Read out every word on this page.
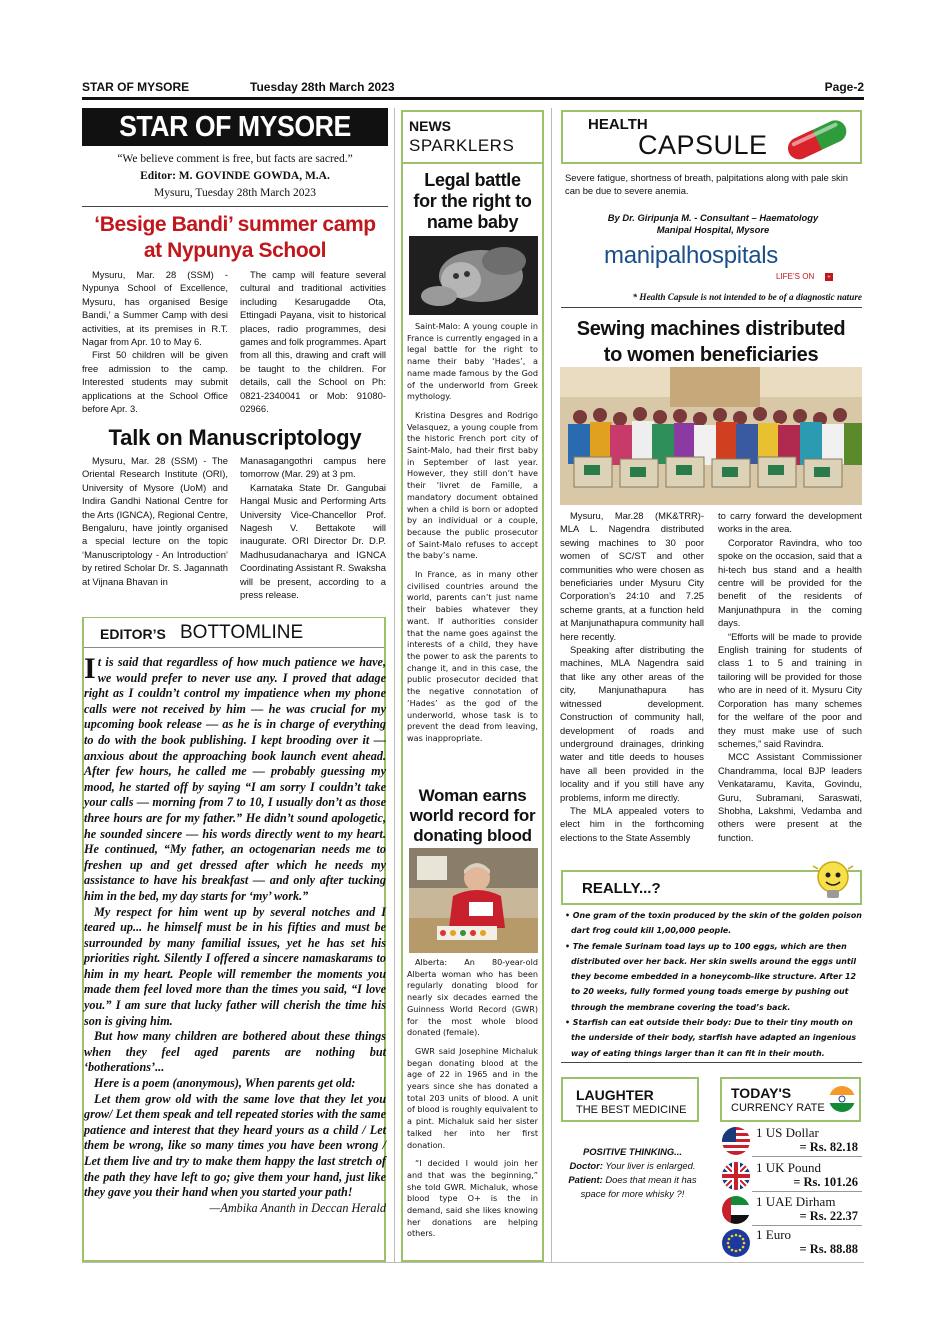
STAR OF MYSORE	Tuesday 28th March 2023	Page-2
STAR OF MYSORE
“We believe comment is free, but facts are sacred.”
Editor: M. GOVINDE GOWDA, M.A.
Mysuru, Tuesday 28th March 2023
‘Besige Bandi’ summer camp
at Nypunya School

Mysuru, Mar. 28 (SSM) - Nypunya School of Excellence, Mysuru, has organised Besige Bandi,’ a Summer Camp with desi activities, at its premises in R.T. Nagar from Apr. 10 to May 6.

First 50 children will be given free admission to the camp. Interested students may submit applications at the School Office before Apr. 3.

The camp will feature several cultural and traditional activities including Kesarugadde Ota, Ettingadi Payana, visit to historical places, radio programmes, desi games and folk programmes. Apart from all this, drawing and craft will be taught to the children. For details, call the School on Ph: 0821-2340041 or Mob: 91080-02966.

Talk on Manuscriptology

Mysuru, Mar. 28 (SSM) - The Oriental Research Institute (ORI), University of Mysore (UoM) and Indira Gandhi National Centre for the Arts (IGNCA), Regional Centre, Bengaluru, have jointly organised a special lecture on the topic ‘Manuscriptology - An Introduction’ by retired Scholar Dr. S. Jagannath at Vijnana Bhavan in

Manasagangothri campus here tomorrow (Mar. 29) at 3 pm.

Karnataka State Dr. Gangubai Hangal Music and Performing Arts University Vice-Chancellor Prof. Nagesh V. Bettakote will inaugurate. ORI Director Dr. D.P. Madhusudanacharya and IGNCA Coordinating Assistant R. Swaksha will be present, according to a press release.

EDITOR’S BOTTOMLINE

It is said that regardless of how much patience we have, we would prefer to never use any. I proved that adage right as I couldn’t control my impatience when my phone calls were not received by him — he was crucial for my upcoming book release — as he is in charge of everything to do with the book publishing. I kept brooding over it — anxious about the approaching book launch event ahead. After few hours, he called me — probably guessing my mood, he started off by saying “I am sorry I couldn’t take your calls — morning from 7 to 10, I usually don’t as those three hours are for my father.” He didn’t sound apologetic, he sounded sincere — his words directly went to my heart. He continued, “My father, an octogenarian needs me to freshen up and get dressed after which he needs my assistance to have his breakfast — and only after tucking him in the bed, my day starts for ‘my’ work.”

My respect for him went up by several notches and I teared up... he himself must be in his fifties and must be surrounded by many familial issues, yet he has set his priorities right. Silently I offered a sincere namaskarams to him in my heart. People will remember the moments you made them feel loved more than the times you said, “I love you.” I am sure that lucky father will cherish the time his son is giving him.

But how many children are bothered about these things when they feel aged parents are nothing but ‘botherations’...

Here is a poem (anonymous), When parents get old:

Let them grow old with the same love that they let you grow/ Let them speak and tell repeated stories with the same patience and interest that they heard yours as a child / Let them be wrong, like so many times you have been wrong / Let them live and try to make them happy the last stretch of the path they have left to go; give them your hand, just like they gave you their hand when you started your path!

—Ambika Ananth in Deccan Herald

NEWS
SPARKLERS
Legal battle
for the right to
name baby

Saint-Malo: A young couple in France is currently engaged in a legal battle for the right to name their baby ‘Hades’, a name made famous by the God of the underworld from Greek mythology.

Kristina Desgres and Rodrigo Velasquez, a young couple from the historic French port city of Saint-Malo, had their first baby in September of last year. However, they still don’t have their ‘livret de Famille, a mandatory document obtained when a child is born or adopted by an individual or a couple, because the public prosecutor of Saint-Malo refuses to accept the baby’s name.

In France, as in many other civilised countries around the world, parents can’t just name their babies whatever they want. If authorities consider that the name goes against the interests of a child, they have the power to ask the parents to change it, and in this case, the public prosecutor decided that the negative connotation of ‘Hades’ as the god of the underworld, whose task is to prevent the dead from leaving, was inappropriate.

Woman earns
world record for
donating blood

Alberta: An 80-year-old Alberta woman who has been regularly donating blood for nearly six decades earned the Guinness World Record (GWR) for the most whole blood donated (female).

GWR said Josephine Michaluk began donating blood at the age of 22 in 1965 and in the years since she has donated a total 203 units of blood. A unit of blood is roughly equivalent to a pint. Michaluk said her sister talked her into her first donation.

“I decided I would join her and that was the beginning,” she told GWR. Michaluk, whose blood type O+ is the in demand, said she likes knowing her donations are helping others.

HEALTH
CAPSULE
Severe fatigue, shortness of breath, palpitations along with pale skin can be due to severe anemia.
By Dr. Giripunja M. - Consultant – Haematology
Manipal Hospital, Mysore
manipalhospitals
LIFE’S ON +
* Health Capsule is not intended to be of a diagnostic nature
Sewing machines distributed
to women beneficiaries

Mysuru, Mar.28 (MK&TRR)- MLA L. Nagendra distributed sewing machines to 30 poor women of SC/ST and other communities who were chosen as beneficiaries under Mysuru City Corporation’s 24:10 and 7.25 scheme grants, at a function held at Manjunathapura community hall here recently.

Speaking after distributing the machines, MLA Nagendra said that like any other areas of the city, Manjunathapura has witnessed development. Construction of community hall, development of roads and underground drainages, drinking water and title deeds to houses have all been provided in the locality and if you still have any problems, inform me directly.

The MLA appealed voters to elect him in the forthcoming elections to the State Assembly

to carry forward the development works in the area.

Corporator Ravindra, who too spoke on the occasion, said that a hi-tech bus stand and a health centre will be provided for the benefit of the residents of Manjunathpura in the coming days.

“Efforts will be made to provide English training for students of class 1 to 5 and training in tailoring will be provided for those who are in need of it. Mysuru City Corporation has many schemes for the welfare of the poor and they must make use of such schemes,” said Ravindra.

MCC Assistant Commissioner Chandramma, local BJP leaders Venkataramu, Kavita, Govindu, Guru, Subramani, Saraswati, Shobha, Lakshmi, Vedamba and others were present at the function.

REALLY...?
• One gram of the toxin produced by the skin of the golden poison dart frog could kill 1,00,000 people.
• The female Surinam toad lays up to 100 eggs, which are then distributed over her back. Her skin swells around the eggs until they become embedded in a honeycomb-like structure. After 12 to 20 weeks, fully formed young toads emerge by pushing out through the membrane covering the toad’s back.
• Starfish can eat outside their body: Due to their tiny mouth on the underside of their body, starfish have adapted an ingenious way of eating things larger than it can fit in their mouth.
LAUGHTER
THE BEST MEDICINE
POSITIVE THINKING...
Doctor: Your liver is enlarged.
Patient: Does that mean it has space for more whisky ?!
TODAY'S
CURRENCY RATE
1 US Dollar
= Rs. 82.18
1 UK Pound
= Rs. 101.26
1 UAE Dirham
= Rs. 22.37
1 Euro
= Rs. 88.88
